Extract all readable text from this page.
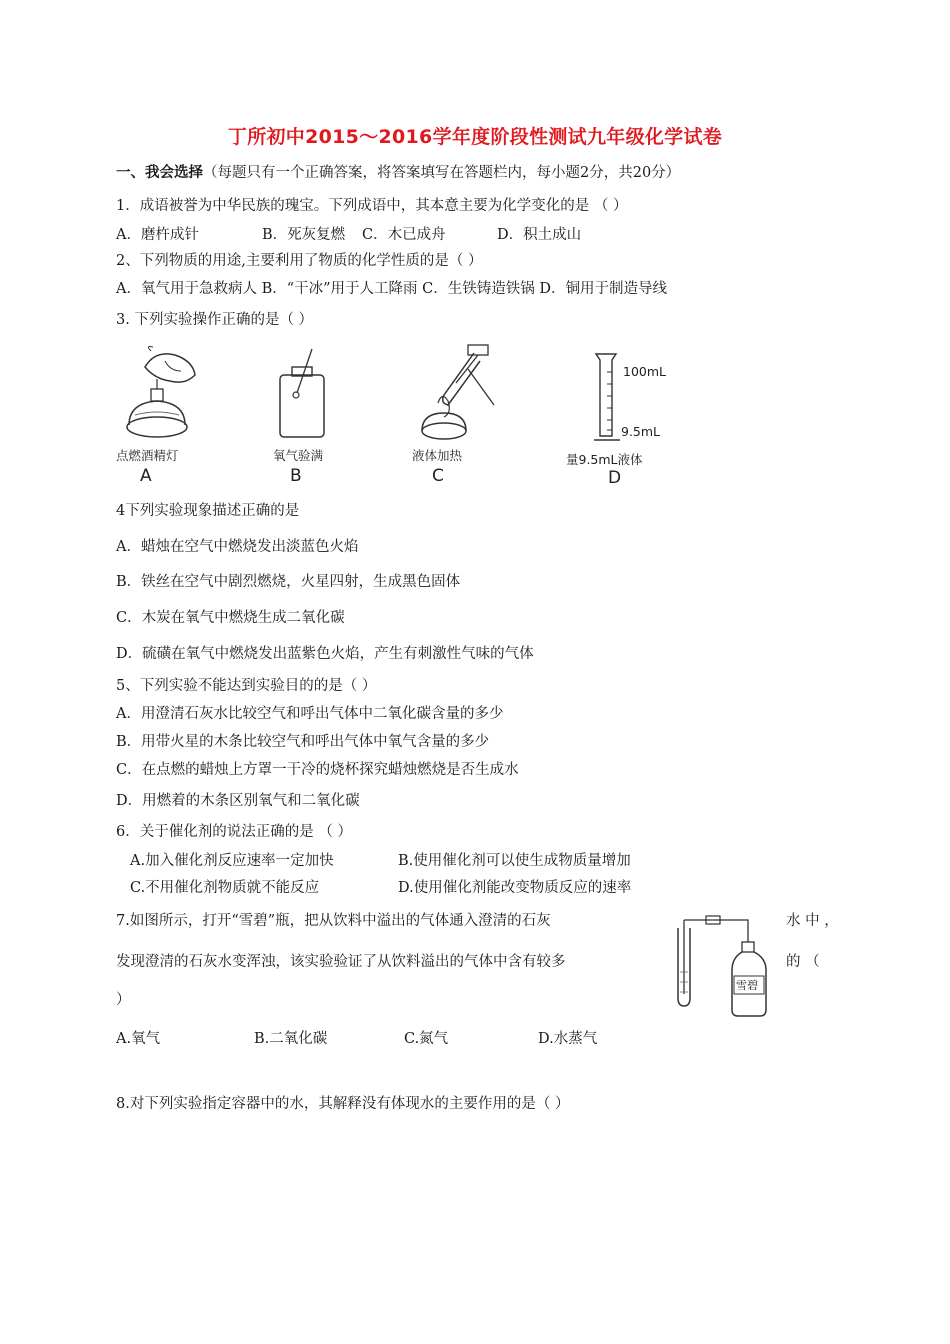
丁所初中2015～2016学年度阶段性测试九年级化学试卷
一、我会选择（每题只有一个正确答案，将答案填写在答题栏内，每小题2分，共20分）
1．成语被誉为中华民族的瑰宝。下列成语中，其本意主要为化学变化的是 （ ）
A．磨杵成针	B．死灰复燃 C．木已成舟	D．积土成山
2、下列物质的用途,主要利用了物质的化学性质的是（ ）
A．氧气用于急救病人 B．“干冰”用于人工降雨 C．生铁铸造铁锅 D．铜用于制造导线
3. 下列实验操作正确的是（ ）
点燃酒精灯
A
氧气验满
B
液体加热
C
100mL
9.5mL
量9.5mL液体
D
4下列实验现象描述正确的是
A．蜡烛在空气中燃烧发出淡蓝色火焰
B．铁丝在空气中剧烈燃烧，火星四射，生成黑色固体
C．木炭在氧气中燃烧生成二氧化碳
D．硫磺在氧气中燃烧发出蓝紫色火焰，产生有刺激性气味的气体
5、下列实验不能达到实验目的的是（ ）
A．用澄清石灰水比较空气和呼出气体中二氧化碳含量的多少
B．用带火星的木条比较空气和呼出气体中氧气含量的多少
C．在点燃的蜡烛上方罩一干冷的烧杯探究蜡烛燃烧是否生成水
D．用燃着的木条区别氧气和二氧化碳
6．关于催化剂的说法正确的是 （ ）
A.加入催化剂反应速率一定加快	B.使用催化剂可以使生成物质量增加
C.不用催化剂物质就不能反应	D.使用催化剂能改变物质反应的速率
7.如图所示，打开“雪碧”瓶，把从饮料中溢出的气体通入澄清的石灰	水 中 ，
发现澄清的石灰水变浑浊，该实验验证了从饮料溢出的气体中含有较多	的 （
）
雪碧
A.氧气	B.二氧化碳	C.氮气	D.水蒸气
8.对下列实验指定容器中的水，其解释没有体现水的主要作用的是（ ）
